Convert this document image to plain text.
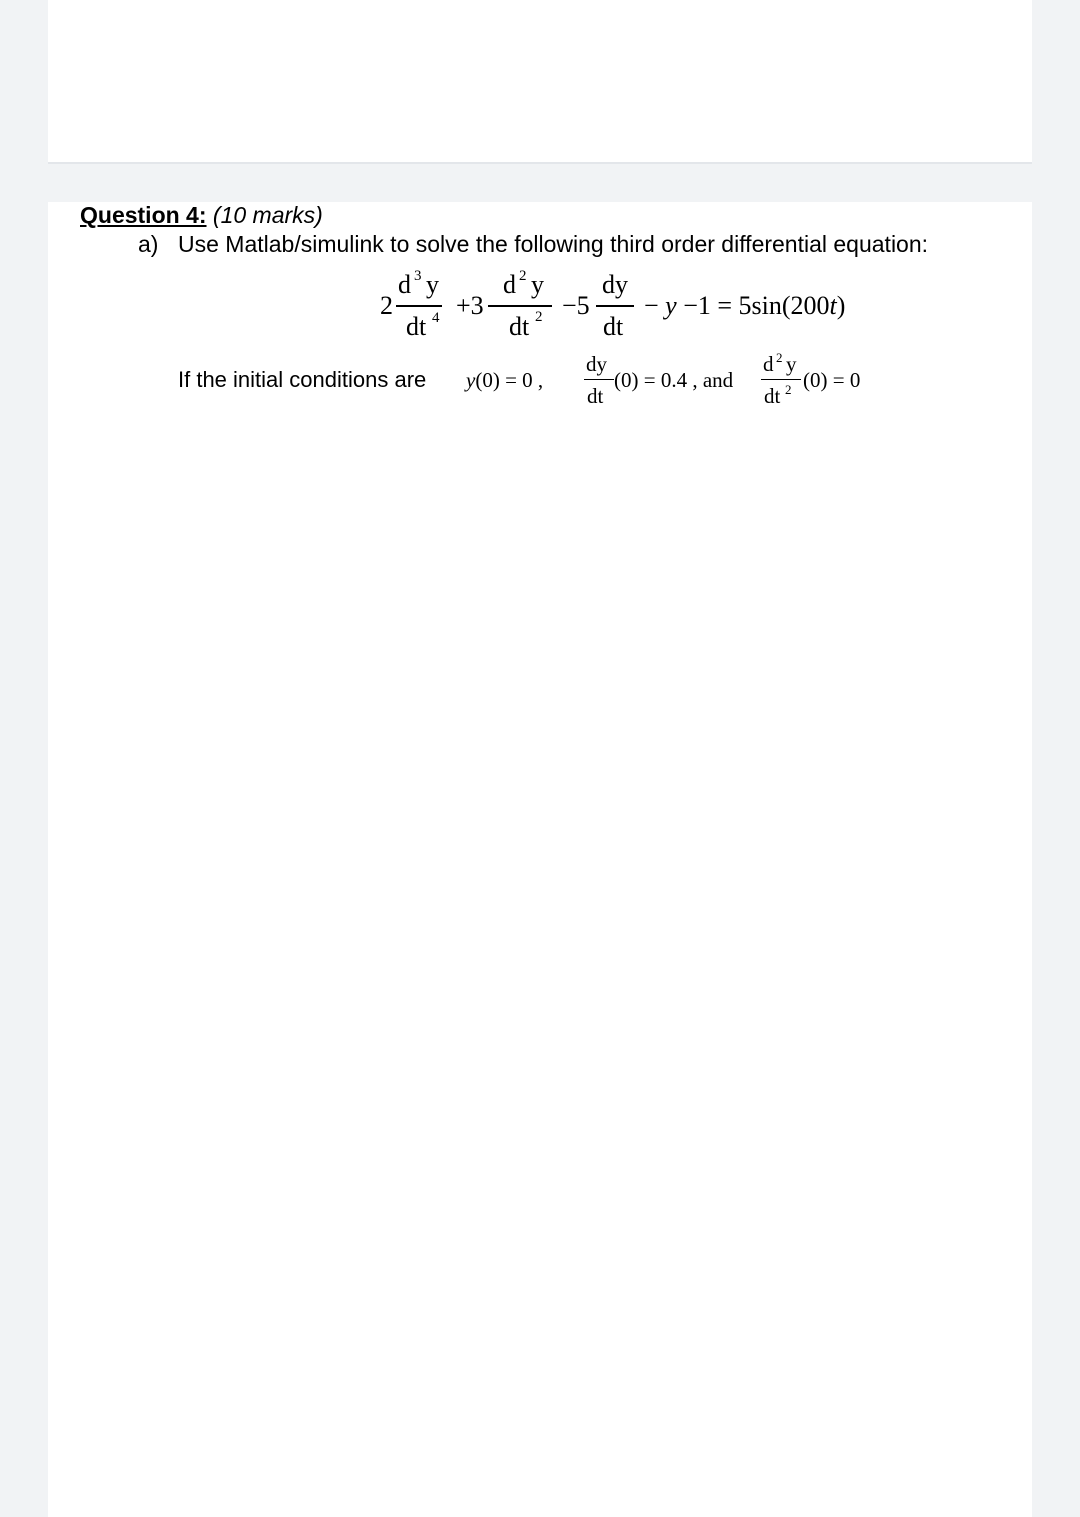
Question 4: (10 marks)
a) Use Matlab/simulink to solve the following third order differential equation:
2
d 3 y
dt 4 +3
d 2 y
dt 2 −5
dy
dt
− y −1 = 5sin(200t)
If the initial conditions are y(0) = 0 ,
dy
dt
(0) = 0.4 , and
d 2 y
dt 2 (0) = 0
